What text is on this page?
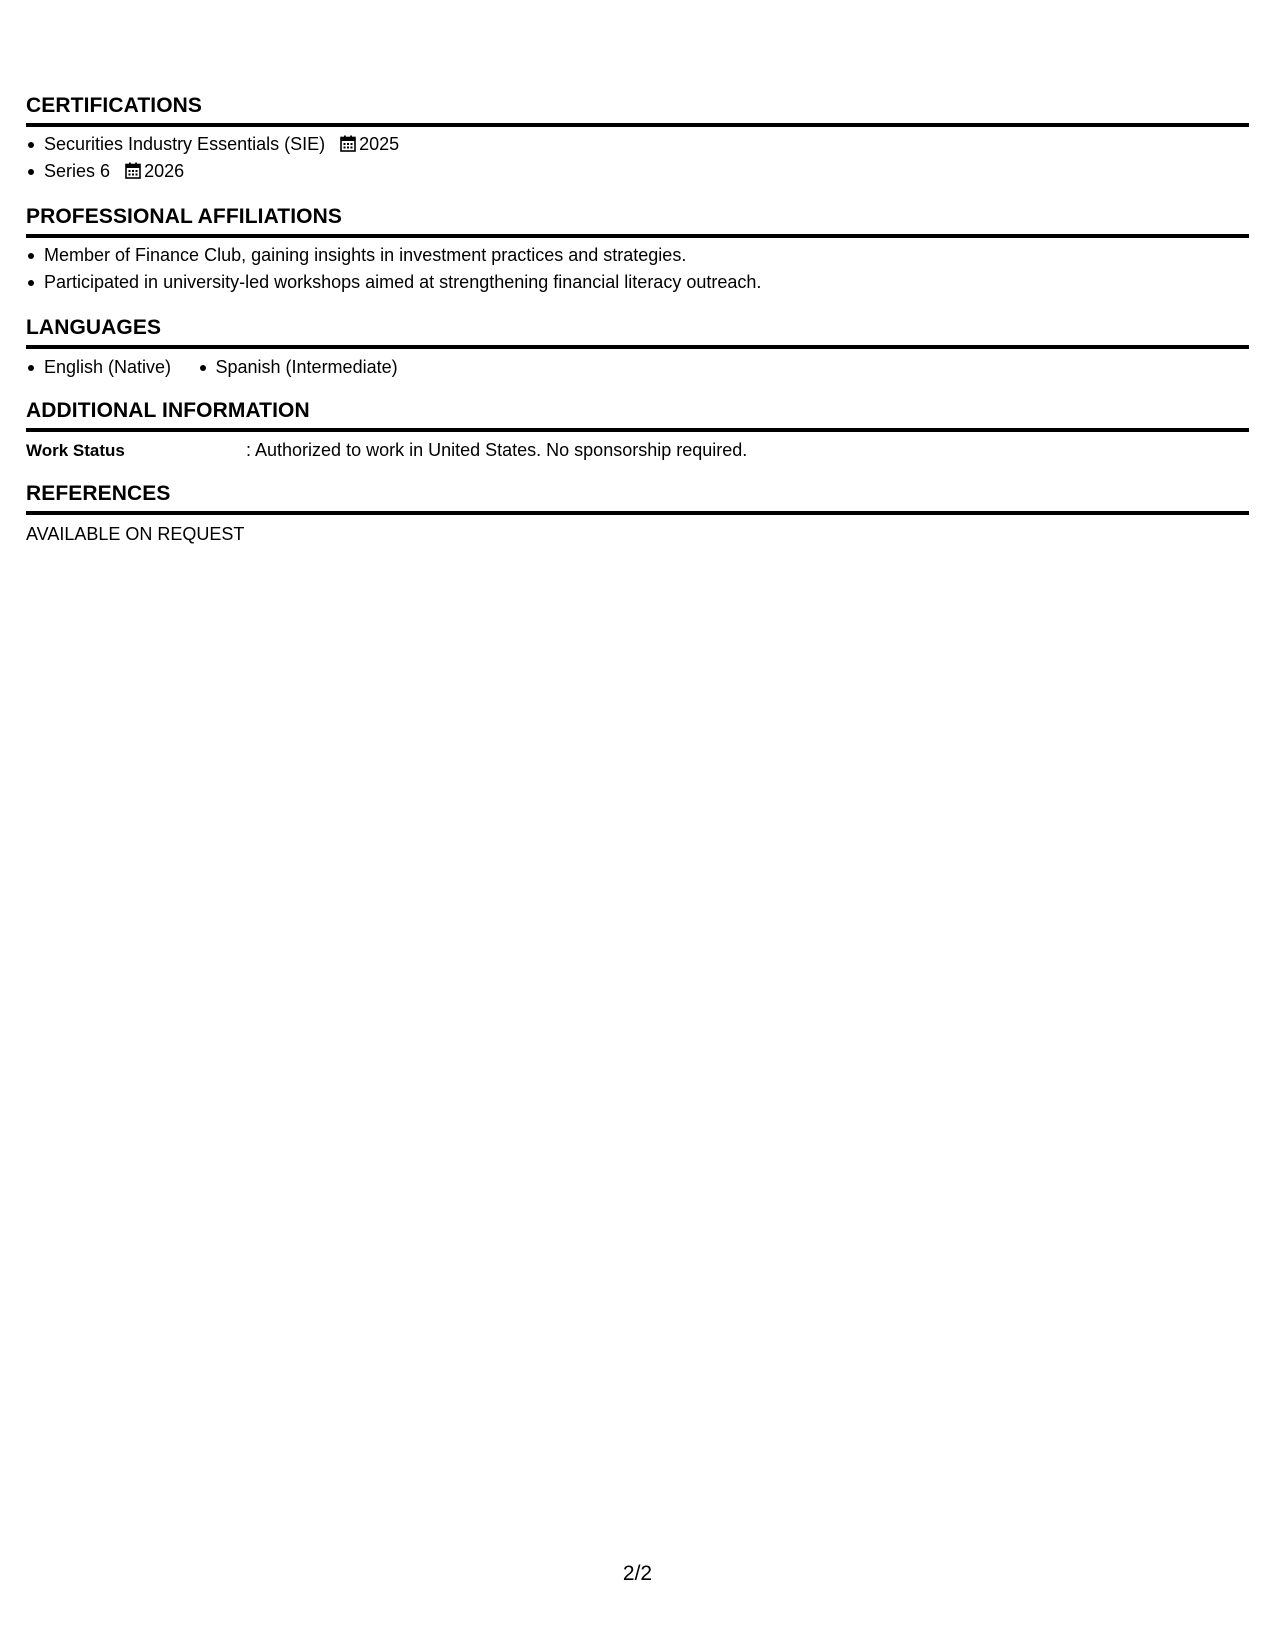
CERTIFICATIONS
Securities Industry Essentials (SIE) 2025
Series 6 2026
PROFESSIONAL AFFILIATIONS
Member of Finance Club, gaining insights in investment practices and strategies.
Participated in university-led workshops aimed at strengthening financial literacy outreach.
LANGUAGES
English (Native) Spanish (Intermediate)
ADDITIONAL INFORMATION
Work Status	: Authorized to work in United States. No sponsorship required.
REFERENCES
AVAILABLE ON REQUEST
2/2
